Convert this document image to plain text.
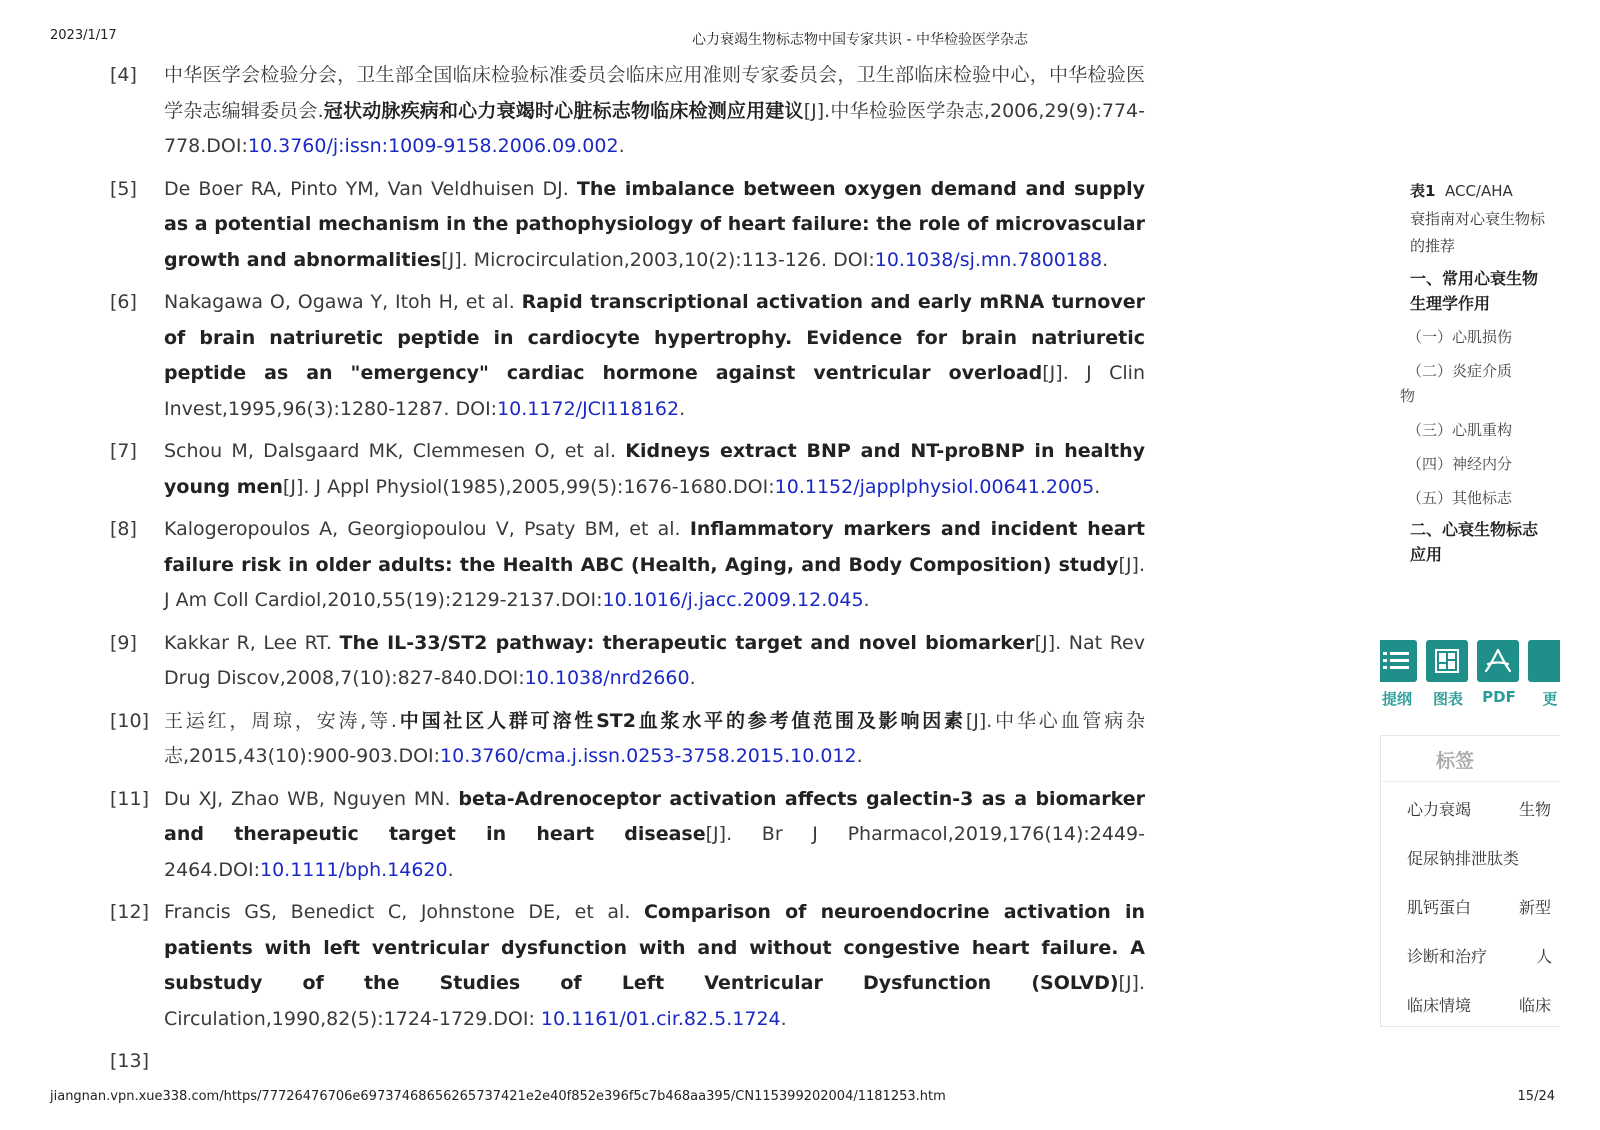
2023/1/17	心力衰竭生物标志物中国专家共识 - 中华检验医学杂志
[4] 中华医学会检验分会，卫生部全国临床检验标准委员会临床应用准则专家委员会，卫生部临床检验中心，中华检验医学杂志编辑委员会.冠状动脉疾病和心力衰竭时心脏标志物临床检测应用建议[J].中华检验医学杂志,2006,29(9):774-778.DOI:10.3760/j:issn:1009-9158.2006.09.002.
[5] De Boer RA, Pinto YM, Van Veldhuisen DJ. The imbalance between oxygen demand and supply as a potential mechanism in the pathophysiology of heart failure: the role of microvascular growth and abnormalities[J]. Microcirculation,2003,10(2):113-126. DOI:10.1038/sj.mn.7800188.
[6] Nakagawa O, Ogawa Y, Itoh H, et al. Rapid transcriptional activation and early mRNA turnover of brain natriuretic peptide in cardiocyte hypertrophy. Evidence for brain natriuretic peptide as an "emergency" cardiac hormone against ventricular overload[J]. J Clin Invest,1995,96(3):1280-1287. DOI:10.1172/JCI118162.
[7] Schou M, Dalsgaard MK, Clemmesen O, et al. Kidneys extract BNP and NT-proBNP in healthy young men[J]. J Appl Physiol(1985),2005,99(5):1676-1680.DOI:10.1152/japplphysiol.00641.2005.
[8] Kalogeropoulos A, Georgiopoulou V, Psaty BM, et al. Inflammatory markers and incident heart failure risk in older adults: the Health ABC (Health, Aging, and Body Composition) study[J]. J Am Coll Cardiol,2010,55(19):2129-2137.DOI:10.1016/j.jacc.2009.12.045.
[9] Kakkar R, Lee RT. The IL-33/ST2 pathway: therapeutic target and novel biomarker[J]. Nat Rev Drug Discov,2008,7(10):827-840.DOI:10.1038/nrd2660.
[10] 王运红，周琼，安涛,等.中国社区人群可溶性ST2血浆水平的参考值范围及影响因素[J].中华心血管病杂志,2015,43(10):900-903.DOI:10.3760/cma.j.issn.0253-3758.2015.10.012.
[11] Du XJ, Zhao WB, Nguyen MN. beta-Adrenoceptor activation affects galectin-3 as a biomarker and therapeutic target in heart disease[J]. Br J Pharmacol,2019,176(14):2449-2464.DOI:10.1111/bph.14620.
[12] Francis GS, Benedict C, Johnstone DE, et al. Comparison of neuroendocrine activation in patients with left ventricular dysfunction with and without congestive heart failure. A substudy of the Studies of Left Ventricular Dysfunction (SOLVD)[J]. Circulation,1990,82(5):1724-1729.DOI: 10.1161/01.cir.82.5.1724.
[13]
表1 ACC/AHA
衰指南对心衰生物标
的推荐
一、常用心衰生物
生理学作用
（一）心肌损伤
（二）炎症介质
物
（三）心肌重构
（四）神经内分
（五）其他标志
二、心衰生物标志
应用
提纲	图表	PDF	更
标签
心力衰竭	生物
促尿钠排泄肽类
肌钙蛋白	新型
诊断和治疗	人
临床情境	临床
jiangnan.vpn.xue338.com/https/77726476706e69737468656265737421e2e40f852e396f5c7b468aa395/CN115399202004/1181253.htm	15/24
